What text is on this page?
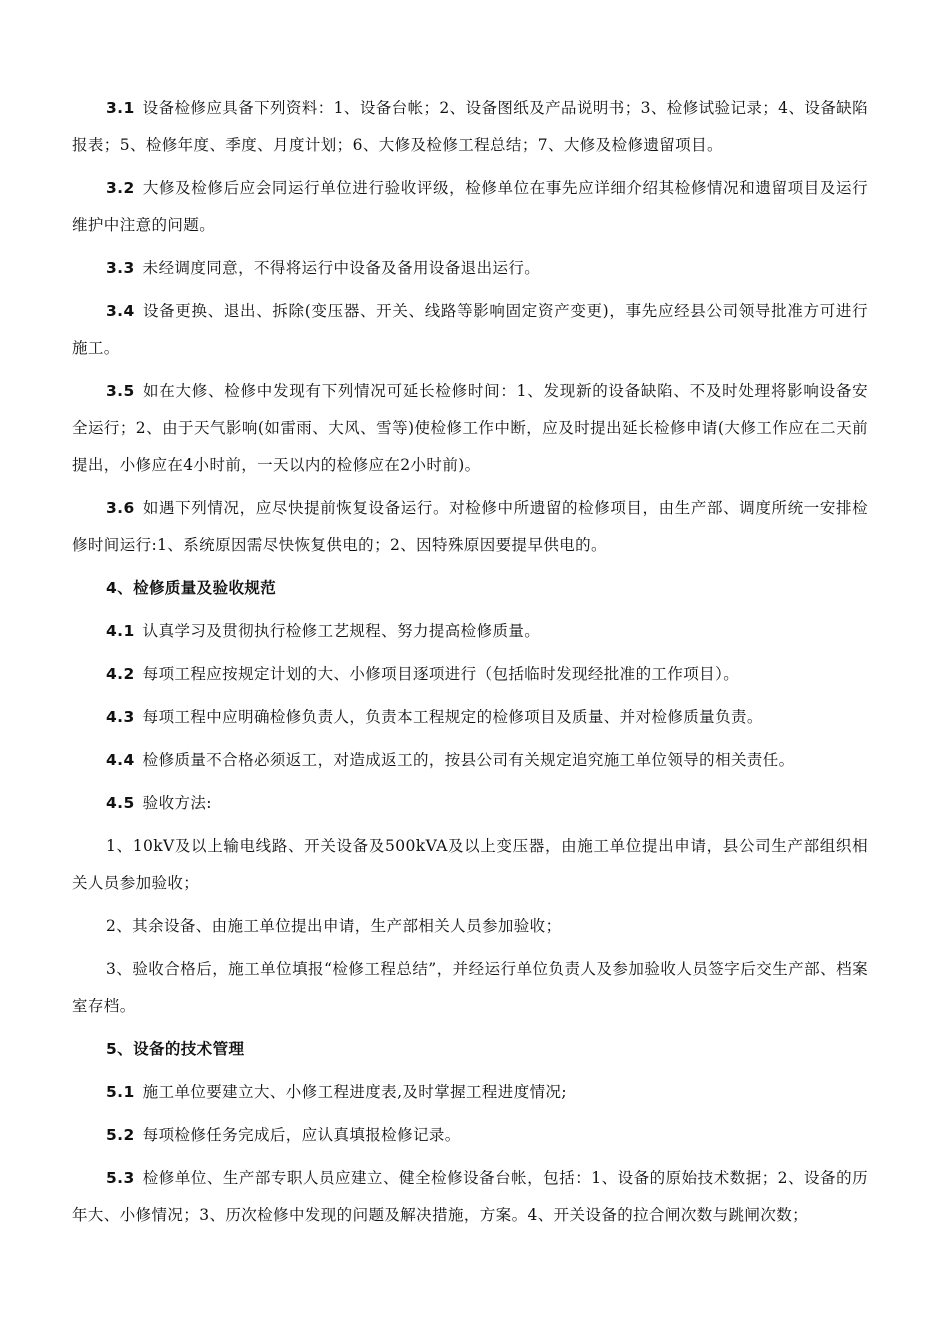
3.1 设备检修应具备下列资料：1、设备台帐；2、设备图纸及产品说明书；3、检修试验记录；4、设备缺陷报表；5、检修年度、季度、月度计划；6、大修及检修工程总结；7、大修及检修遗留项目。

3.2 大修及检修后应会同运行单位进行验收评级，检修单位在事先应详细介绍其检修情况和遗留项目及运行维护中注意的问题。

3.3 未经调度同意，不得将运行中设备及备用设备退出运行。

3.4 设备更换、退出、拆除(变压器、开关、线路等影响固定资产变更)，事先应经县公司领导批准方可进行施工。

3.5 如在大修、检修中发现有下列情况可延长检修时间：1、发现新的设备缺陷、不及时处理将影响设备安全运行；2、由于天气影响(如雷雨、大风、雪等)使检修工作中断，应及时提出延长检修申请(大修工作应在二天前提出，小修应在4小时前，一天以内的检修应在2小时前)。

3.6 如遇下列情况，应尽快提前恢复设备运行。对检修中所遗留的检修项目，由生产部、调度所统一安排检修时间运行:1、系统原因需尽快恢复供电的；2、因特殊原因要提早供电的。

4、检修质量及验收规范

4.1 认真学习及贯彻执行检修工艺规程、努力提高检修质量。

4.2 每项工程应按规定计划的大、小修项目逐项进行（包括临时发现经批准的工作项目）。

4.3 每项工程中应明确检修负责人，负责本工程规定的检修项目及质量、并对检修质量负责。

4.4 检修质量不合格必须返工，对造成返工的，按县公司有关规定追究施工单位领导的相关责任。

4.5 验收方法:

1、10kV及以上输电线路、开关设备及500kVA及以上变压器，由施工单位提出申请，县公司生产部组织相关人员参加验收；

2、其余设备、由施工单位提出申请，生产部相关人员参加验收；

3、验收合格后，施工单位填报“检修工程总结”，并经运行单位负责人及参加验收人员签字后交生产部、档案室存档。

5、设备的技术管理

5.1 施工单位要建立大、小修工程进度表,及时掌握工程进度情况;

5.2 每项检修任务完成后，应认真填报检修记录。

5.3 检修单位、生产部专职人员应建立、健全检修设备台帐，包括：1、设备的原始技术数据；2、设备的历年大、小修情况；3、历次检修中发现的问题及解决措施，方案。4、开关设备的拉合闸次数与跳闸次数；
